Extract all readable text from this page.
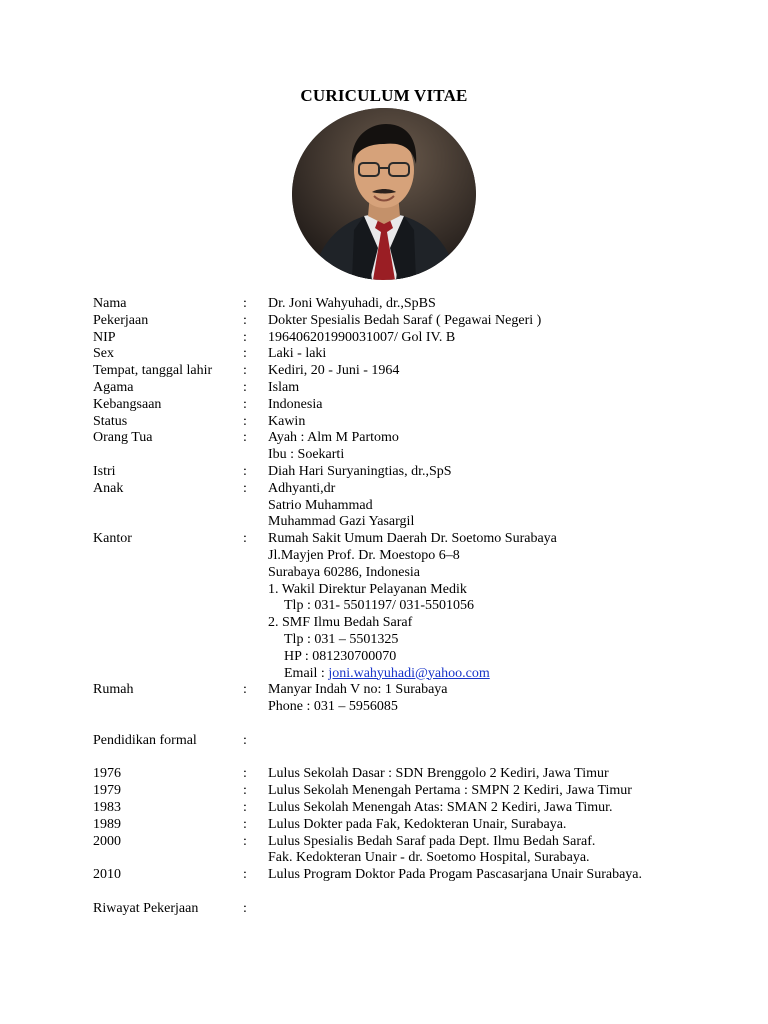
CURICULUM VITAE
Nama	:	Dr. Joni Wahyuhadi, dr.,SpBS
Pekerjaan	:	Dokter Spesialis Bedah Saraf ( Pegawai Negeri )
NIP	:	196406201990031007/ Gol IV. B
Sex	:	Laki - laki
Tempat, tanggal lahir	:	Kediri, 20 - Juni - 1964
Agama	:	Islam
Kebangsaan	:	Indonesia
Status	:	Kawin
Orang Tua	:	Ayah : Alm M Partomo
Ibu : Soekarti
Istri	:	Diah Hari Suryaningtias, dr.,SpS
Anak	:	Adhyanti,dr
Satrio Muhammad
Muhammad Gazi Yasargil
Kantor	:	Rumah Sakit Umum Daerah Dr. Soetomo Surabaya
Jl.Mayjen Prof. Dr. Moestopo 6–8
Surabaya 60286, Indonesia
1. Wakil Direktur Pelayanan Medik
Tlp : 031- 5501197/ 031-5501056
2. SMF Ilmu Bedah Saraf
Tlp : 031 – 5501325
HP : 081230700070
Email : joni.wahyuhadi@yahoo.com
Rumah	:	Manyar Indah V no: 1 Surabaya
Phone : 031 – 5956085
Pendidikan formal	:
1976	:	Lulus Sekolah Dasar : SDN Brenggolo 2 Kediri, Jawa Timur
1979	:	Lulus Sekolah Menengah Pertama : SMPN 2 Kediri, Jawa Timur
1983	:	Lulus Sekolah Menengah Atas: SMAN 2 Kediri, Jawa Timur.
1989	:	Lulus Dokter pada Fak, Kedokteran Unair, Surabaya.
2000	:	Lulus Spesialis Bedah Saraf pada Dept. Ilmu Bedah Saraf.
Fak. Kedokteran Unair - dr. Soetomo Hospital, Surabaya.
2010	:	Lulus Program Doktor Pada Progam Pascasarjana Unair Surabaya.
Riwayat Pekerjaan	:
